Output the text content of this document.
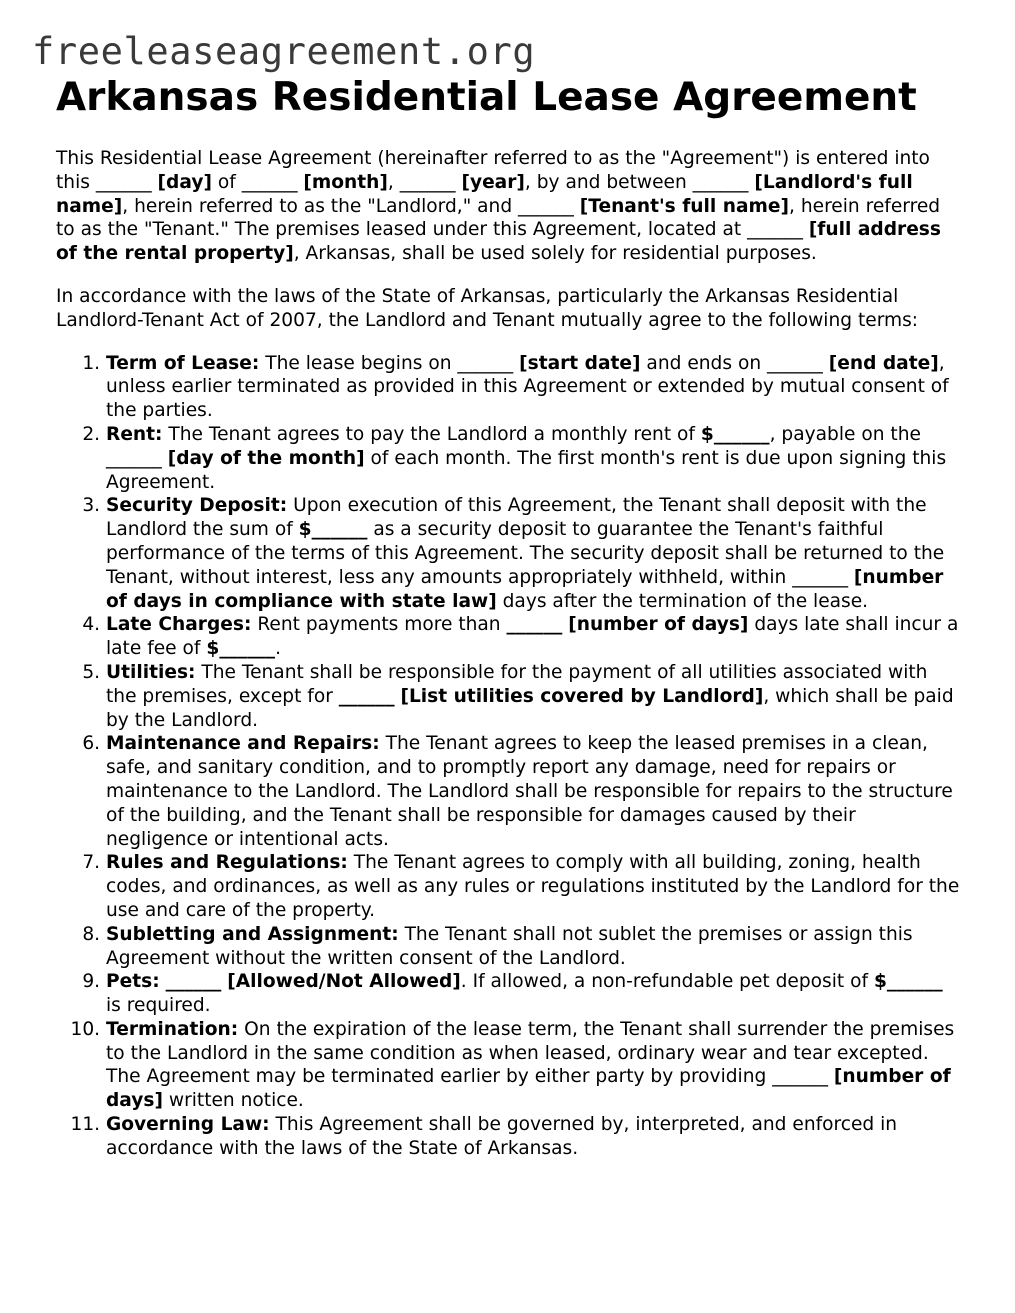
freeleaseagreement.org
Arkansas Residential Lease Agreement

This Residential Lease Agreement (hereinafter referred to as the "Agreement") is entered into this ______ [day] of ______ [month], ______ [year], by and between ______ [Landlord's full name], herein referred to as the "Landlord," and ______ [Tenant's full name], herein referred to as the "Tenant." The premises leased under this Agreement, located at ______ [full address of the rental property], Arkansas, shall be used solely for residential purposes.

In accordance with the laws of the State of Arkansas, particularly the Arkansas Residential Landlord-Tenant Act of 2007, the Landlord and Tenant mutually agree to the following terms:

1. Term of Lease: The lease begins on ______ [start date] and ends on ______ [end date], unless earlier terminated as provided in this Agreement or extended by mutual consent of the parties.
2. Rent: The Tenant agrees to pay the Landlord a monthly rent of $______, payable on the ______ [day of the month] of each month. The first month's rent is due upon signing this Agreement.
3. Security Deposit: Upon execution of this Agreement, the Tenant shall deposit with the Landlord the sum of $______ as a security deposit to guarantee the Tenant's faithful performance of the terms of this Agreement. The security deposit shall be returned to the Tenant, without interest, less any amounts appropriately withheld, within ______ [number of days in compliance with state law] days after the termination of the lease.
4. Late Charges: Rent payments more than ______ [number of days] days late shall incur a late fee of $______.
5. Utilities: The Tenant shall be responsible for the payment of all utilities associated with the premises, except for ______ [List utilities covered by Landlord], which shall be paid by the Landlord.
6. Maintenance and Repairs: The Tenant agrees to keep the leased premises in a clean, safe, and sanitary condition, and to promptly report any damage, need for repairs or maintenance to the Landlord. The Landlord shall be responsible for repairs to the structure of the building, and the Tenant shall be responsible for damages caused by their negligence or intentional acts.
7. Rules and Regulations: The Tenant agrees to comply with all building, zoning, health codes, and ordinances, as well as any rules or regulations instituted by the Landlord for the use and care of the property.
8. Subletting and Assignment: The Tenant shall not sublet the premises or assign this Agreement without the written consent of the Landlord.
9. Pets: ______ [Allowed/Not Allowed]. If allowed, a non-refundable pet deposit of $______ is required.
10. Termination: On the expiration of the lease term, the Tenant shall surrender the premises to the Landlord in the same condition as when leased, ordinary wear and tear excepted. The Agreement may be terminated earlier by either party by providing ______ [number of days] written notice.
11. Governing Law: This Agreement shall be governed by, interpreted, and enforced in accordance with the laws of the State of Arkansas.
